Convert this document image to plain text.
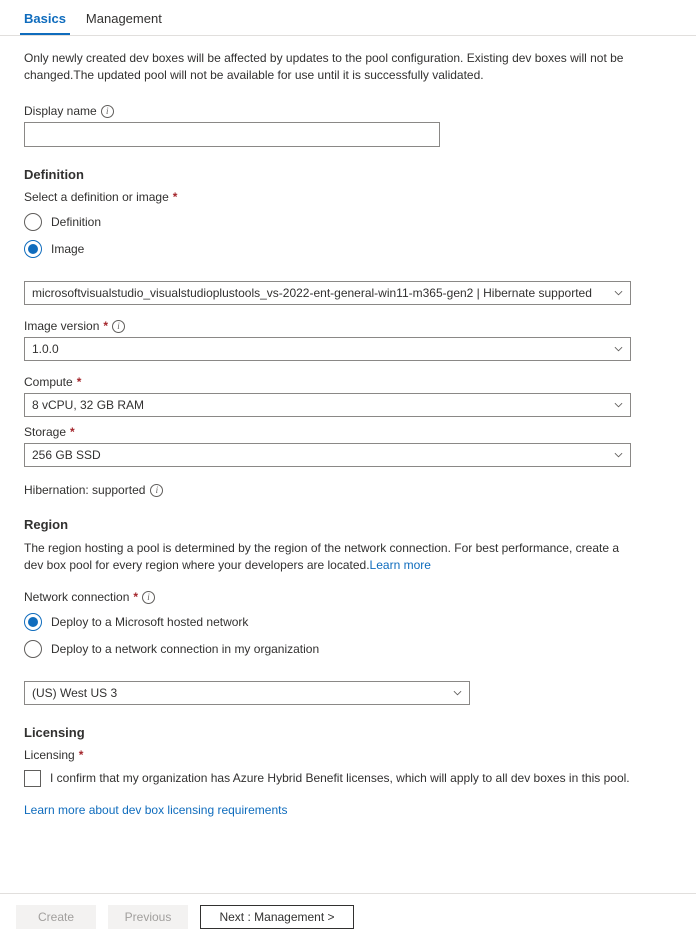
Basics	Management
Only newly created dev boxes will be affected by updates to the pool configuration. Existing dev boxes will not be changed.The updated pool will not be available for use until it is successfully validated.
Display name	i
Definition
Select a definition or image *
Definition
Image
microsoftvisualstudio_visualstudioplustools_vs-2022-ent-general-win11-m365-gen2 | Hibernate supported
Image version *	i
1.0.0
Compute *
8 vCPU, 32 GB RAM
Storage *
256 GB SSD
Hibernation: supported	i
Region
The region hosting a pool is determined by the region of the network connection. For best performance, create a dev box pool for every region where your developers are located.Learn more
Network connection *	i
Deploy to a Microsoft hosted network
Deploy to a network connection in my organization
(US) West US 3
Licensing
Licensing *
I confirm that my organization has Azure Hybrid Benefit licenses, which will apply to all dev boxes in this pool.
Learn more about dev box licensing requirements
Create	Previous	Next : Management >
